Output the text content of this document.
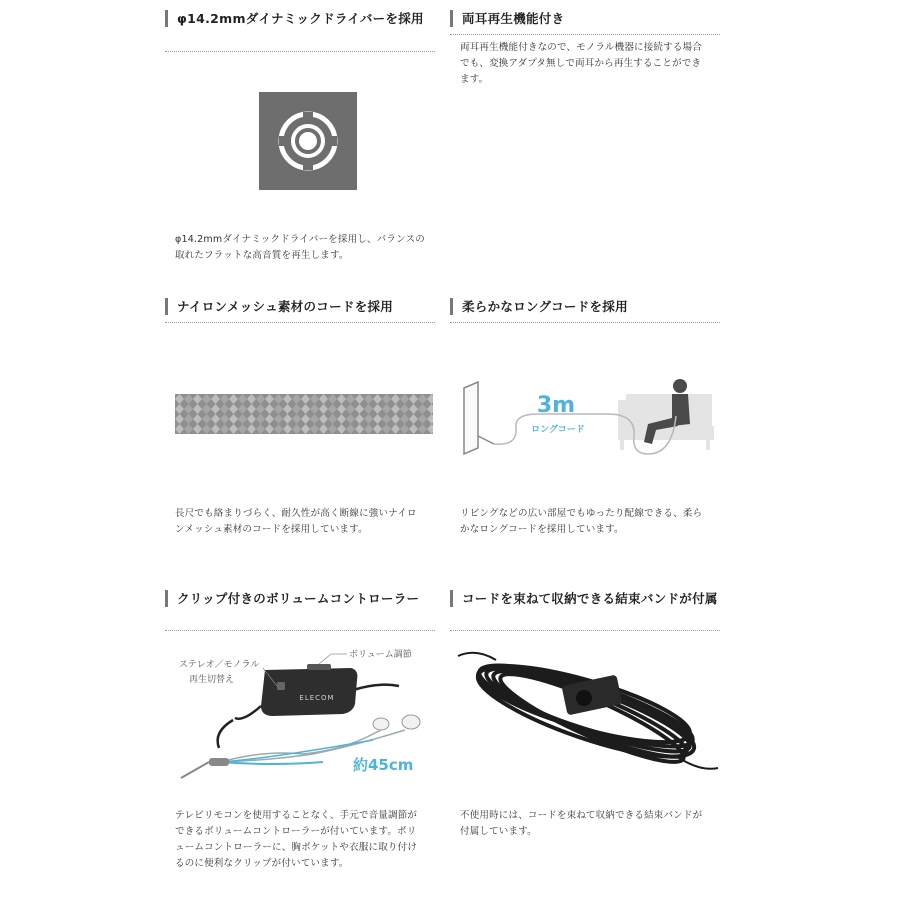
φ14.2mmダイナミックドライバーを採用
φ14.2mmダイナミックドライバーを採用し、バランスの取れたフラットな高音質を再生します。
両耳再生機能付き
両耳再生機能付きなので、モノラル機器に接続する場合でも、変換アダプタ無しで両耳から再生することができます。
ナイロンメッシュ素材のコードを採用
長尺でも絡まりづらく、耐久性が高く断線に強いナイロンメッシュ素材のコードを採用しています。
柔らかなロングコードを採用
3m
ロングコード
リビングなどの広い部屋でもゆったり配線できる、柔らかなロングコードを採用しています。
クリップ付きのボリュームコントローラー
ELECOM
ボリューム調節
ステレオ／モノラル
再生切替え
約45cm
テレビリモコンを使用することなく、手元で音量調節ができるボリュームコントローラーが付いています。ボリュームコントローラーに、胸ポケットや衣服に取り付けるのに便利なクリップが付いています。
コードを束ねて収納できる結束バンドが付属
不使用時には、コードを束ねて収納できる結束バンドが付属しています。
